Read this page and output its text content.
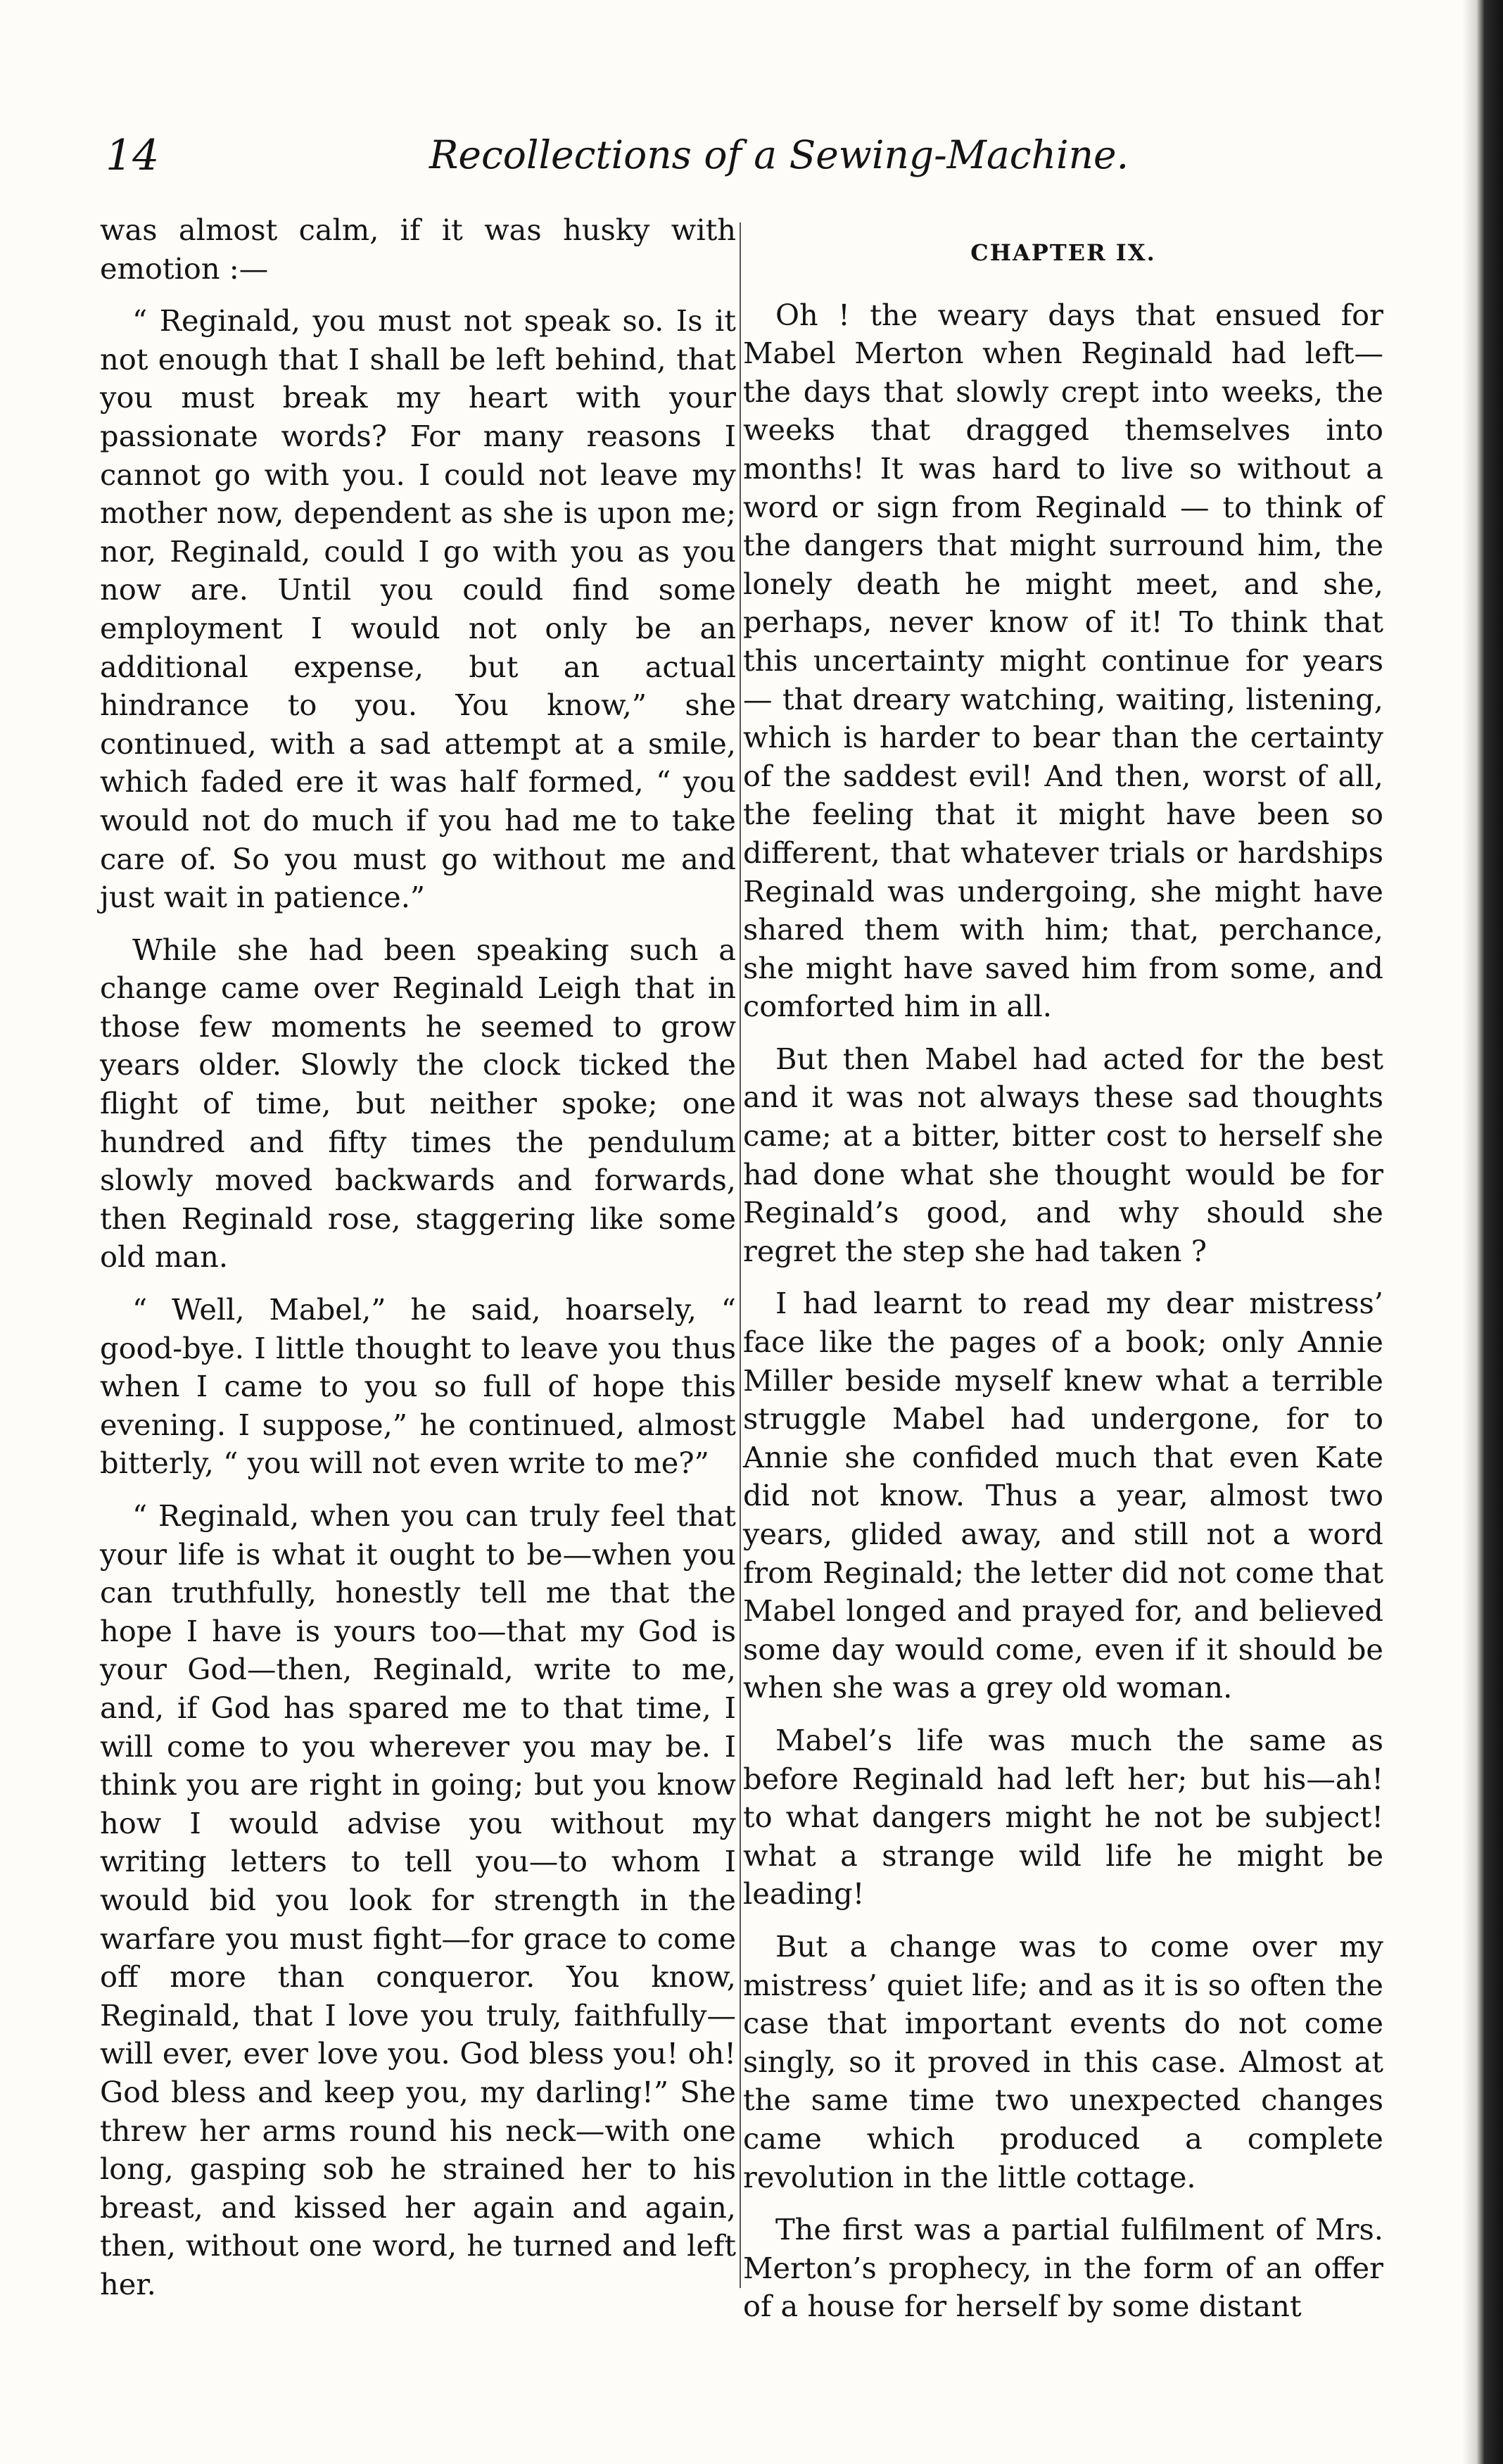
14	Recollections of a Sewing-Machine.

was almost calm, if it was husky with emotion :—

“ Reginald, you must not speak so. Is it not enough that I shall be left behind, that you must break my heart with your passionate words? For many reasons I cannot go with you. I could not leave my mother now, dependent as she is upon me; nor, Reginald, could I go with you as you now are. Until you could find some employment I would not only be an additional expense, but an actual hindrance to you. You know,” she continued, with a sad attempt at a smile, which faded ere it was half formed, “ you would not do much if you had me to take care of. So you must go without me and just wait in patience.”

While she had been speaking such a change came over Reginald Leigh that in those few moments he seemed to grow years older. Slowly the clock ticked the flight of time, but neither spoke; one hundred and fifty times the pendulum slowly moved backwards and forwards, then Reginald rose, staggering like some old man.

“ Well, Mabel,” he said, hoarsely, “ good-bye. I little thought to leave you thus when I came to you so full of hope this evening. I suppose,” he continued, almost bitterly, “ you will not even write to me?”

“ Reginald, when you can truly feel that your life is what it ought to be—when you can truthfully, honestly tell me that the hope I have is yours too—that my God is your God—then, Reginald, write to me, and, if God has spared me to that time, I will come to you wherever you may be. I think you are right in going; but you know how I would advise you without my writing letters to tell you—to whom I would bid you look for strength in the warfare you must fight—for grace to come off more than conqueror. You know, Reginald, that I love you truly, faithfully—will ever, ever love you. God bless you! oh! God bless and keep you, my darling!” She threw her arms round his neck—with one long, gasping sob he strained her to his breast, and kissed her again and again, then, without one word, he turned and left her.

CHAPTER IX.

Oh ! the weary days that ensued for Mabel Merton when Reginald had left—the days that slowly crept into weeks, the weeks that dragged themselves into months! It was hard to live so without a word or sign from Reginald — to think of the dangers that might surround him, the lonely death he might meet, and she, perhaps, never know of it! To think that this uncertainty might continue for years — that dreary watching, waiting, listening, which is harder to bear than the certainty of the saddest evil! And then, worst of all, the feeling that it might have been so different, that whatever trials or hardships Reginald was undergoing, she might have shared them with him; that, perchance, she might have saved him from some, and comforted him in all.

But then Mabel had acted for the best and it was not always these sad thoughts came; at a bitter, bitter cost to herself she had done what she thought would be for Reginald’s good, and why should she regret the step she had taken ?

I had learnt to read my dear mistress’ face like the pages of a book; only Annie Miller beside myself knew what a terrible struggle Mabel had undergone, for to Annie she confided much that even Kate did not know. Thus a year, almost two years, glided away, and still not a word from Reginald; the letter did not come that Mabel longed and prayed for, and believed some day would come, even if it should be when she was a grey old woman.

Mabel’s life was much the same as before Reginald had left her; but his—ah! to what dangers might he not be subject! what a strange wild life he might be leading!

But a change was to come over my mistress’ quiet life; and as it is so often the case that important events do not come singly, so it proved in this case. Almost at the same time two unexpected changes came which produced a complete revolution in the little cottage.

The first was a partial fulfilment of Mrs. Merton’s prophecy, in the form of an offer of a house for herself by some distant
